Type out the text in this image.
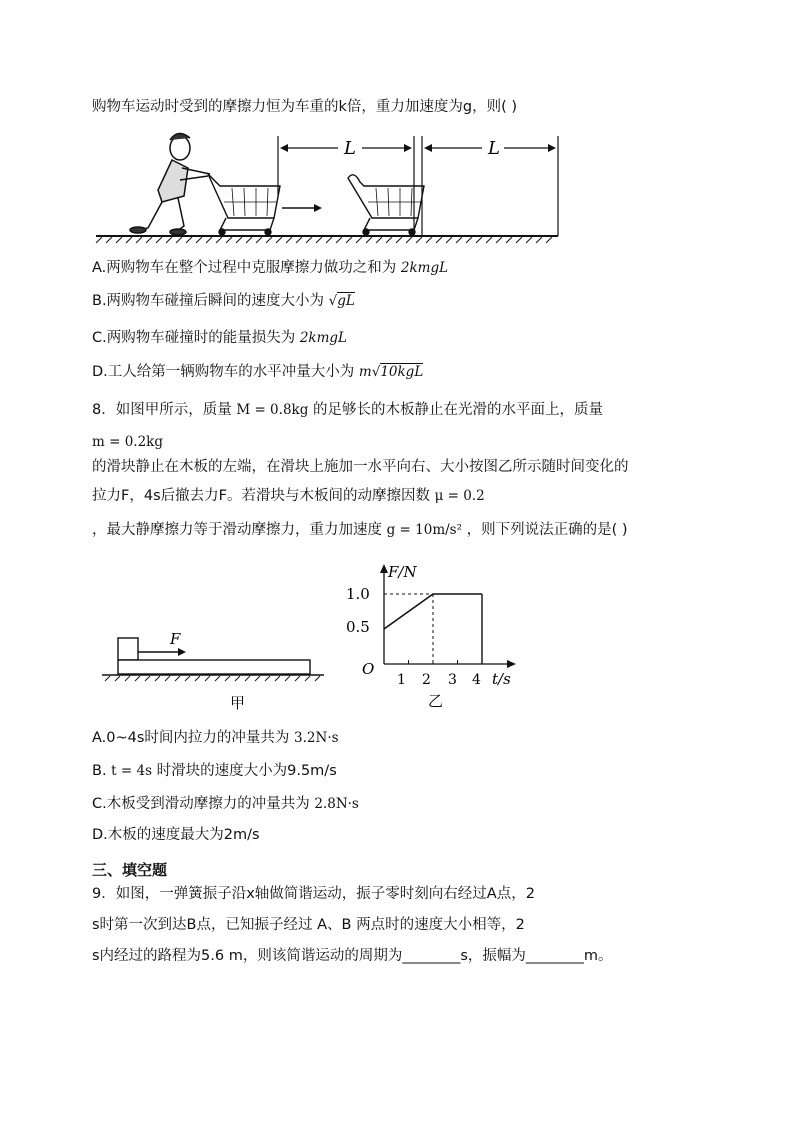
购物车运动时受到的摩擦力恒为车重的k倍，重力加速度为g，则( )
L	L
A.两购物车在整个过程中克服摩擦力做功之和为 2kmgL
B.两购物车碰撞后瞬间的速度大小为 √gL
C.两购物车碰撞时的能量损失为 2kmgL
D.工人给第一辆购物车的水平冲量大小为 m√10kgL
8．如图甲所示，质量 M = 0.8kg 的足够长的木板静止在光滑的水平面上，质量
m = 0.2kg
的滑块静止在木板的左端，在滑块上施加一水平向右、大小按图乙所示随时间变化的
拉力F，4s后撤去力F。若滑块与木板间的动摩擦因数 μ = 0.2
，最大静摩擦力等于滑动摩擦力，重力加速度 g = 10m/s² ，则下列说法正确的是( )
F
甲
F/N
t/s
O
1.0
0.5
1 2 3 4
乙
A.0~4s时间内拉力的冲量共为 3.2N·s
B. t = 4s 时滑块的速度大小为9.5m/s
C.木板受到滑动摩擦力的冲量共为 2.8N·s
D.木板的速度最大为2m/s
三、填空题
9．如图，一弹簧振子沿x轴做简谐运动，振子零时刻向右经过A点，2
s时第一次到达B点，已知振子经过 A、B 两点时的速度大小相等，2
s内经过的路程为5.6 m，则该简谐运动的周期为________s，振幅为________m。
